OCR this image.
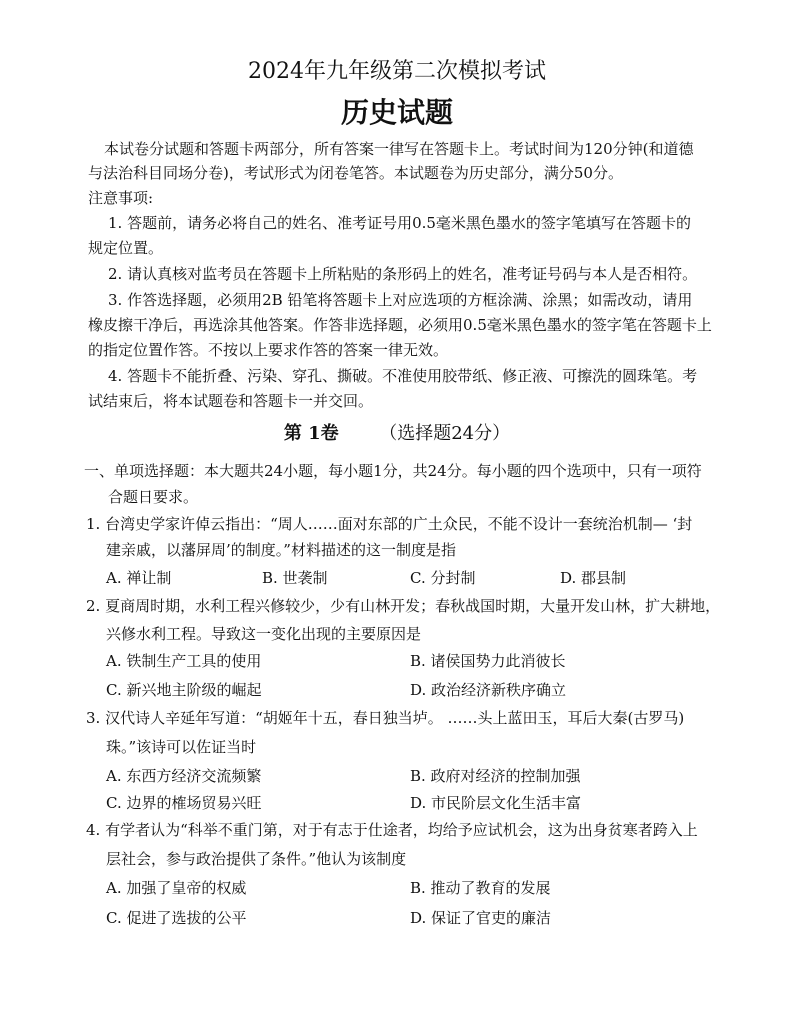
2024年九年级第二次模拟考试
历史试题
本试卷分试题和答题卡两部分，所有答案一律写在答题卡上。考试时间为120分钟(和道德
与法治科目同场分卷)，考试形式为闭卷笔答。本试题卷为历史部分，满分50分。
注意事项:
1. 答题前，请务必将自己的姓名、准考证号用0.5毫米黑色墨水的签字笔填写在答题卡的
规定位置。
2. 请认真核对监考员在答题卡上所粘贴的条形码上的姓名，准考证号码与本人是否相符。
3. 作答选择题，必须用2B 铅笔将答题卡上对应选项的方框涂满、涂黑；如需改动，请用
橡皮擦干净后，再选涂其他答案。作答非选择题，必须用0.5毫米黑色墨水的签字笔在答题卡上
的指定位置作答。不按以上要求作答的答案一律无效。
4. 答题卡不能折叠、污染、穿孔、撕破。不准使用胶带纸、修正液、可擦洗的圆珠笔。考
试结束后，将本试题卷和答题卡一并交回。
第 1卷 （选择题24分）
一、单项选择题：本大题共24小题，每小题1分，共24分。每小题的四个选项中，只有一项符
合题日要求。
1. 台湾史学家许倬云指出：“周人……面对东部的广土众民，不能不设计一套统治机制— ‘封
建亲戚，以藩屏周’的制度。”材料描述的这一制度是指
A. 禅让制	B. 世袭制	C. 分封制	D. 郡县制
2. 夏商周时期，水利工程兴修较少，少有山林开发；春秋战国时期，大量开发山林，扩大耕地，
兴修水利工程。导致这一变化出现的主要原因是
A. 铁制生产工具的使用	B. 诸侯国势力此消彼长
C. 新兴地主阶级的崛起	D. 政治经济新秩序确立
3. 汉代诗人辛延年写道：“胡姬年十五，春日独当垆。 ……头上蓝田玉，耳后大秦(古罗马)
珠。”该诗可以佐证当时
A. 东西方经济交流频繁	B. 政府对经济的控制加强
C. 边界的榷场贸易兴旺	D. 市民阶层文化生活丰富
4. 有学者认为“科举不重门第，对于有志于仕途者，均给予应试机会，这为出身贫寒者跨入上
层社会，参与政治提供了条件。”他认为该制度
A. 加强了皇帝的权威	B. 推动了教育的发展
C. 促进了选拔的公平	D. 保证了官吏的廉洁
